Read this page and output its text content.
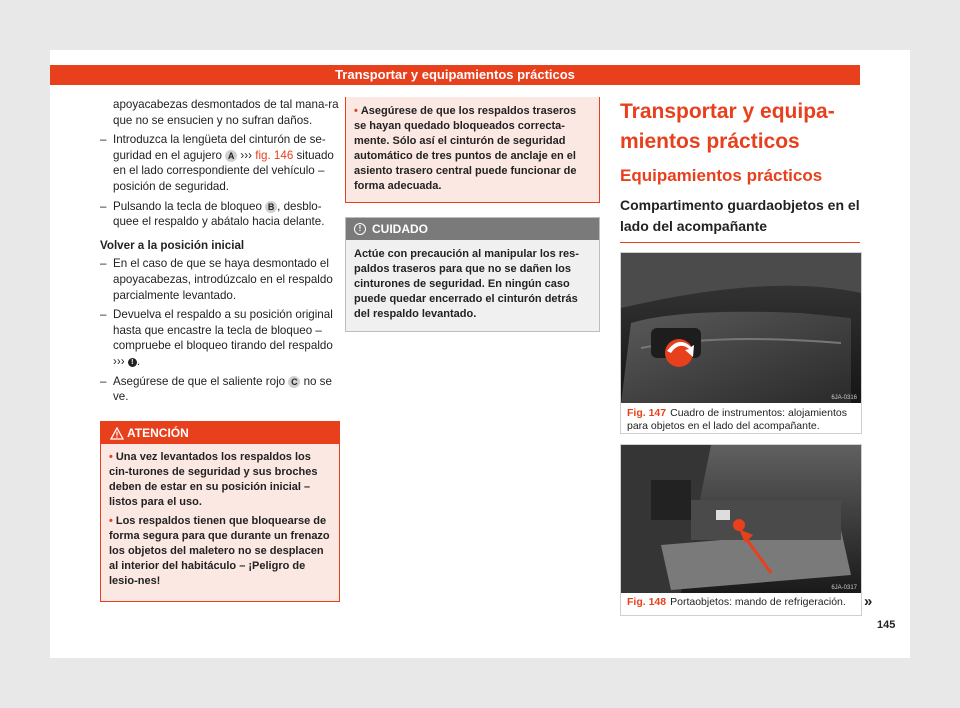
Transportar y equipamientos prácticos

apoyacabezas desmontados de tal mana-ra que no se ensucien y no sufran daños.

– Introduzca la lengüeta del cinturón de se-guridad en el agujero A ››› fig. 146 situado en el lado correspondiente del vehículo – posición de seguridad.
– Pulsando la tecla de bloqueo B , desblo-quee el respaldo y abátalo hacia delante.
Volver a la posición inicial
– En el caso de que se haya desmontado el apoyacabezas, introdúzcalo en el respaldo parcialmente levantado.
– Devuelva el respaldo a su posición original hasta que encastre la tecla de bloqueo – compruebe el bloqueo tirando del respaldo ››› ! .
– Asegúrese de que el saliente rojo C no se ve.
ATENCIÓN
• Una vez levantados los respaldos los cin-turones de seguridad y sus broches deben de estar en su posición inicial – listos para el uso.
• Los respaldos tienen que bloquearse de forma segura para que durante un frenazo los objetos del maletero no se desplacen al interior del habitáculo – ¡Peligro de lesio-nes!
• Asegúrese de que los respaldos traseros se hayan quedado bloqueados correcta-mente. Sólo así el cinturón de seguridad automático de tres puntos de anclaje en el asiento trasero central puede funcionar de forma adecuada.
! CUIDADO
Actúe con precaución al manipular los res-paldos traseros para que no se dañen los cinturones de seguridad. En ningún caso puede quedar encerrado el cinturón detrás del respaldo levantado.
Transportar y equipa-mientos prácticos
Equipamientos prácticos
Compartimento guardaobjetos en el lado del acompañante
6JA-0316
Fig. 147 Cuadro de instrumentos: alojamientos para objetos en el lado del acompañante.
6JA-0317
Fig. 148 Portaobjetos: mando de refrigeración.	»
145
